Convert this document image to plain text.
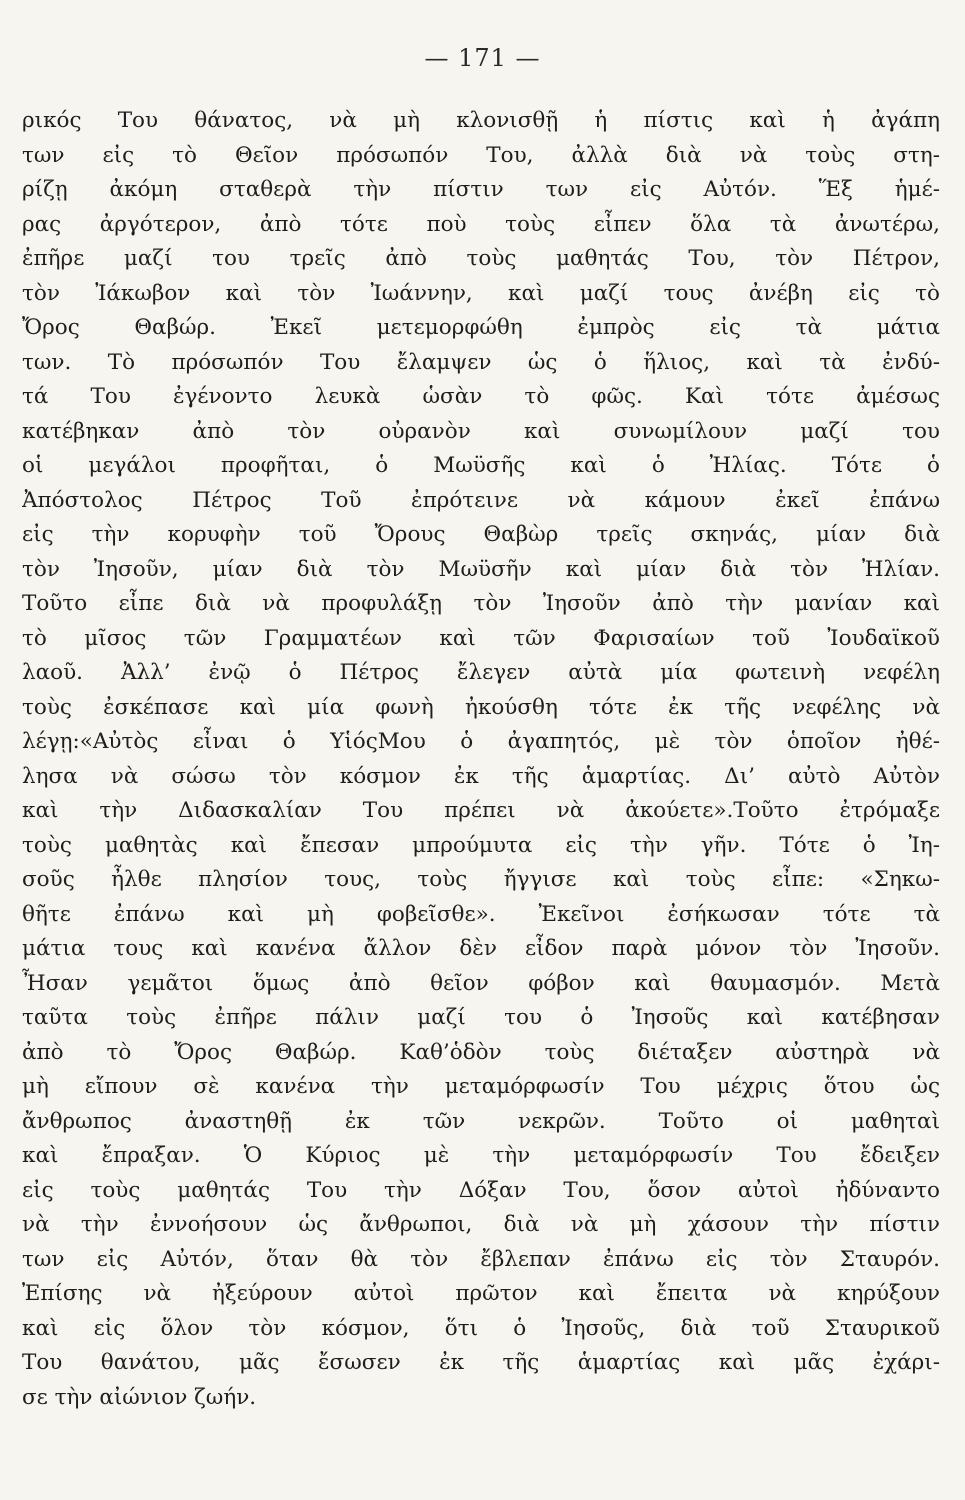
— 171 —
ρικός Του θάνατος, νὰ μὴ κλονισθῇ ἡ πίστις καὶ ἡ ἀγάπη
των εἰς τὸ Θεῖον πρόσωπόν Του, ἀλλὰ διὰ νὰ τοὺς στη-
ρίζῃ ἀκόμη σταθερὰ τὴν πίστιν των εἰς Αὐτόν. Ἕξ ἡμέ-
ρας ἀργότερον, ἀπὸ τότε ποὺ τοὺς εἶπεν ὅλα τὰ ἀνωτέρω,
ἐπῆρε μαζί του τρεῖς ἀπὸ τοὺς μαθητάς Του, τὸν Πέτρον,
τὸν Ἰάκωβον καὶ τὸν Ἰωάννην, καὶ μαζί τους ἀνέβη εἰς τὸ
Ὄρος Θαβώρ. Ἐκεῖ μετεμορφώθη ἐμπρὸς εἰς τὰ μάτια
των. Τὸ πρόσωπόν Του ἔλαμψεν ὡς ὁ ἥλιος, καὶ τὰ ἐνδύ-
τά Του ἐγένοντο λευκὰ ὡσὰν τὸ φῶς. Καὶ τότε ἀμέσως
κατέβηκαν ἀπὸ τὸν οὐρανὸν καὶ συνωμίλουν μαζί του
οἱ μεγάλοι προφῆται, ὁ Μωϋσῆς καὶ ὁ Ἠλίας. Τότε ὁ
Ἀπόστολος Πέτρος Τοῦ ἐπρότεινε νὰ κάμουν ἐκεῖ ἐπάνω
εἰς τὴν κορυφὴν τοῦ Ὄρους Θαβὼρ τρεῖς σκηνάς, μίαν διὰ
τὸν Ἰησοῦν, μίαν διὰ τὸν Μωϋσῆν καὶ μίαν διὰ τὸν Ἠλίαν.
Τοῦτο εἶπε διὰ νὰ προφυλάξῃ τὸν Ἰησοῦν ἀπὸ τὴν μανίαν καὶ
τὸ μῖσος τῶν Γραμματέων καὶ τῶν Φαρισαίων τοῦ Ἰουδαϊκοῦ
λαοῦ. Ἀλλ’ ἐνῷ ὁ Πέτρος ἔλεγεν αὐτὰ μία φωτεινὴ νεφέλη
τοὺς ἐσκέπασε καὶ μία φωνὴ ἠκούσθη τότε ἐκ τῆς νεφέλης νὰ
λέγῃ:«Αὐτὸς εἶναι ὁ ΥἱόςΜου ὁ ἀγαπητός, μὲ τὸν ὁποῖον ἠθέ-
λησα νὰ σώσω τὸν κόσμον ἐκ τῆς ἁμαρτίας. Δι’ αὐτὸ Αὐτὸν
καὶ τὴν Διδασκαλίαν Του πρέπει νὰ ἀκούετε».Τοῦτο ἐτρόμαξε
τοὺς μαθητὰς καὶ ἔπεσαν μπρούμυτα εἰς τὴν γῆν. Τότε ὁ Ἰη-
σοῦς ἦλθε πλησίον τους, τοὺς ἤγγισε καὶ τοὺς εἶπε: «Σηκω-
θῆτε ἐπάνω καὶ μὴ φοβεῖσθε». Ἐκεῖνοι ἐσήκωσαν τότε τὰ
μάτια τους καὶ κανένα ἄλλον δὲν εἶδον παρὰ μόνον τὸν Ἰησοῦν.
Ἦσαν γεμᾶτοι ὅμως ἀπὸ θεῖον φόβον καὶ θαυμασμόν. Μετὰ
ταῦτα τοὺς ἐπῆρε πάλιν μαζί του ὁ Ἰησοῦς καὶ κατέβησαν
ἀπὸ τὸ Ὄρος Θαβώρ. Καθ’ὁδὸν τοὺς διέταξεν αὐστηρὰ νὰ
μὴ εἴπουν σὲ κανένα τὴν μεταμόρφωσίν Του μέχρις ὅτου ὡς
ἄνθρωπος ἀναστηθῇ ἐκ τῶν νεκρῶν. Τοῦτο οἱ μαθηταὶ
καὶ ἔπραξαν. Ὁ Κύριος μὲ τὴν μεταμόρφωσίν Του ἔδειξεν
εἰς τοὺς μαθητάς Του τὴν Δόξαν Του, ὅσον αὐτοὶ ἠδύναντο
νὰ τὴν ἐννοήσουν ὡς ἄνθρωποι, διὰ νὰ μὴ χάσουν τὴν πίστιν
των εἰς Αὐτόν, ὅταν θὰ τὸν ἔβλεπαν ἐπάνω εἰς τὸν Σταυρόν.
Ἐπίσης νὰ ἠξεύρουν αὐτοὶ πρῶτον καὶ ἔπειτα νὰ κηρύξουν
καὶ εἰς ὅλον τὸν κόσμον, ὅτι ὁ Ἰησοῦς, διὰ τοῦ Σταυρικοῦ
Του θανάτου, μᾶς ἔσωσεν ἐκ τῆς ἁμαρτίας καὶ μᾶς ἐχάρι-
σε τὴν αἰώνιον ζωήν.
